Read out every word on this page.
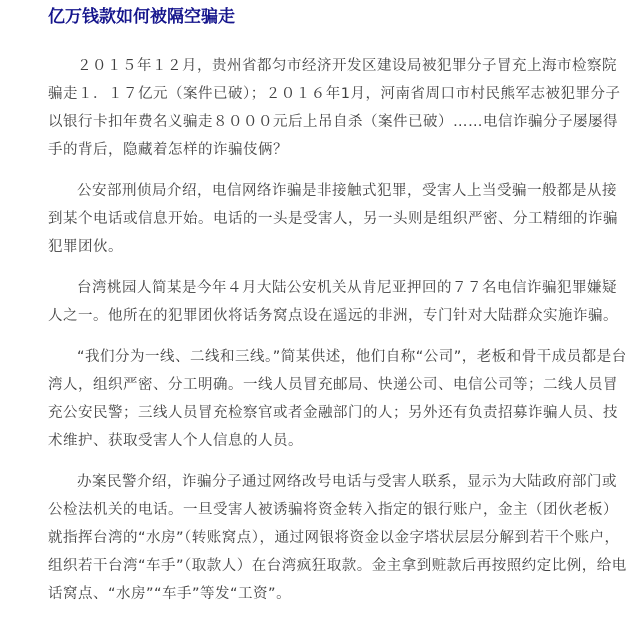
亿万钱款如何被隔空骗走

２０１５年１２月，贵州省都匀市经济开发区建设局被犯罪分子冒充上海市检察院骗走１．１７亿元（案件已破）；２０１６年1月，河南省周口市村民熊军志被犯罪分子以银行卡扣年费名义骗走８０００元后上吊自杀（案件已破）……电信诈骗分子屡屡得手的背后，隐藏着怎样的诈骗伎俩？

公安部刑侦局介绍，电信网络诈骗是非接触式犯罪，受害人上当受骗一般都是从接到某个电话或信息开始。电话的一头是受害人，另一头则是组织严密、分工精细的诈骗犯罪团伙。

台湾桃园人简某是今年４月大陆公安机关从肯尼亚押回的７７名电信诈骗犯罪嫌疑人之一。他所在的犯罪团伙将话务窝点设在遥远的非洲，专门针对大陆群众实施诈骗。

“我们分为一线、二线和三线。”简某供述，他们自称“公司”，老板和骨干成员都是台湾人，组织严密、分工明确。一线人员冒充邮局、快递公司、电信公司等；二线人员冒充公安民警；三线人员冒充检察官或者金融部门的人；另外还有负责招募诈骗人员、技术维护、获取受害人个人信息的人员。

办案民警介绍，诈骗分子通过网络改号电话与受害人联系，显示为大陆政府部门或公检法机关的电话。一旦受害人被诱骗将资金转入指定的银行账户，金主（团伙老板）就指挥台湾的“水房”（转账窝点），通过网银将资金以金字塔状层层分解到若干个账户，组织若干台湾“车手”（取款人）在台湾疯狂取款。金主拿到赃款后再按照约定比例，给电话窝点、“水房”“车手”等发“工资”。
